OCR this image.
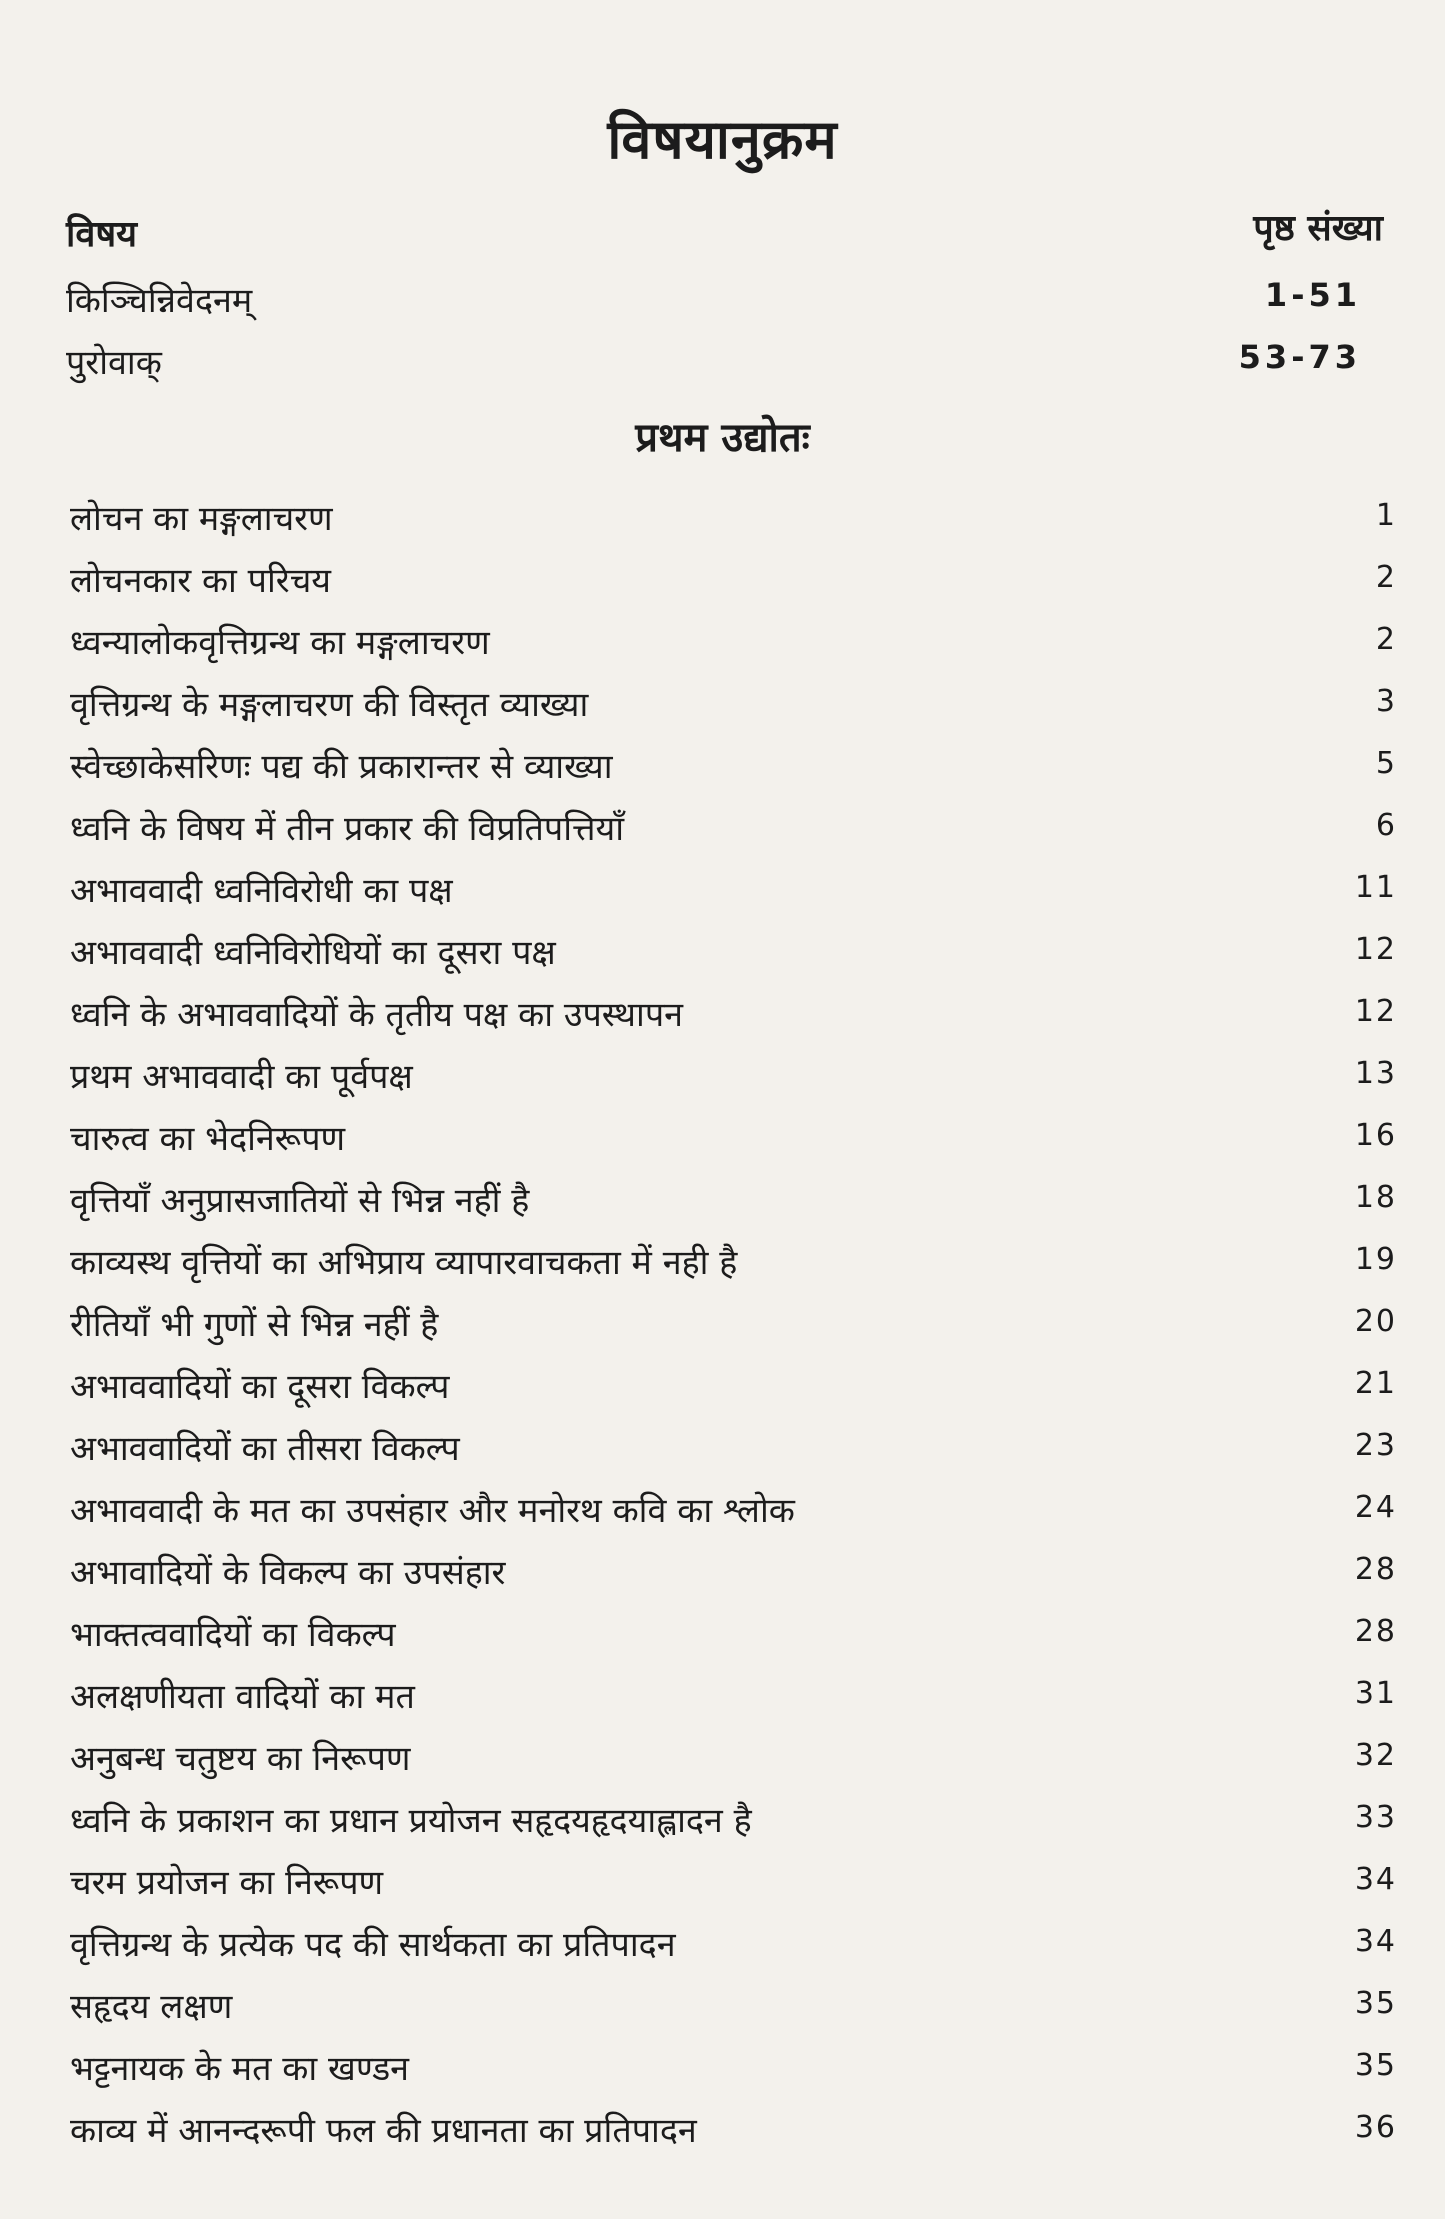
विषयानुक्रम
विषय	पृष्ठ संख्या
किञ्चिन्निवेदनम्	1-51
पुरोवाक्	53-73
प्रथम उद्योतः
लोचन का मङ्गलाचरण	1
लोचनकार का परिचय	2
ध्वन्यालोकवृत्तिग्रन्थ का मङ्गलाचरण	2
वृत्तिग्रन्थ के मङ्गलाचरण की विस्तृत व्याख्या	3
स्वेच्छाकेसरिणः पद्य की प्रकारान्तर से व्याख्या	5
ध्वनि के विषय में तीन प्रकार की विप्रतिपत्तियाँ	6
अभाववादी ध्वनिविरोधी का पक्ष	11
अभाववादी ध्वनिविरोधियों का दूसरा पक्ष	12
ध्वनि के अभाववादियों के तृतीय पक्ष का उपस्थापन	12
प्रथम अभाववादी का पूर्वपक्ष	13
चारुत्व का भेदनिरूपण	16
वृत्तियाँ अनुप्रासजातियों से भिन्न नहीं है	18
काव्यस्थ वृत्तियों का अभिप्राय व्यापारवाचकता में नही है	19
रीतियाँ भी गुणों से भिन्न नहीं है	20
अभाववादियों का दूसरा विकल्प	21
अभाववादियों का तीसरा विकल्प	23
अभाववादी के मत का उपसंहार और मनोरथ कवि का श्लोक	24
अभावादियों के विकल्प का उपसंहार	28
भाक्तत्ववादियों का विकल्प	28
अलक्षणीयता वादियों का मत	31
अनुबन्ध चतुष्टय का निरूपण	32
ध्वनि के प्रकाशन का प्रधान प्रयोजन सहृदयहृदयाह्लादन है	33
चरम प्रयोजन का निरूपण	34
वृत्तिग्रन्थ के प्रत्येक पद की सार्थकता का प्रतिपादन	34
सहृदय लक्षण	35
भट्टनायक के मत का खण्डन	35
काव्य में आनन्दरूपी फल की प्रधानता का प्रतिपादन	36
